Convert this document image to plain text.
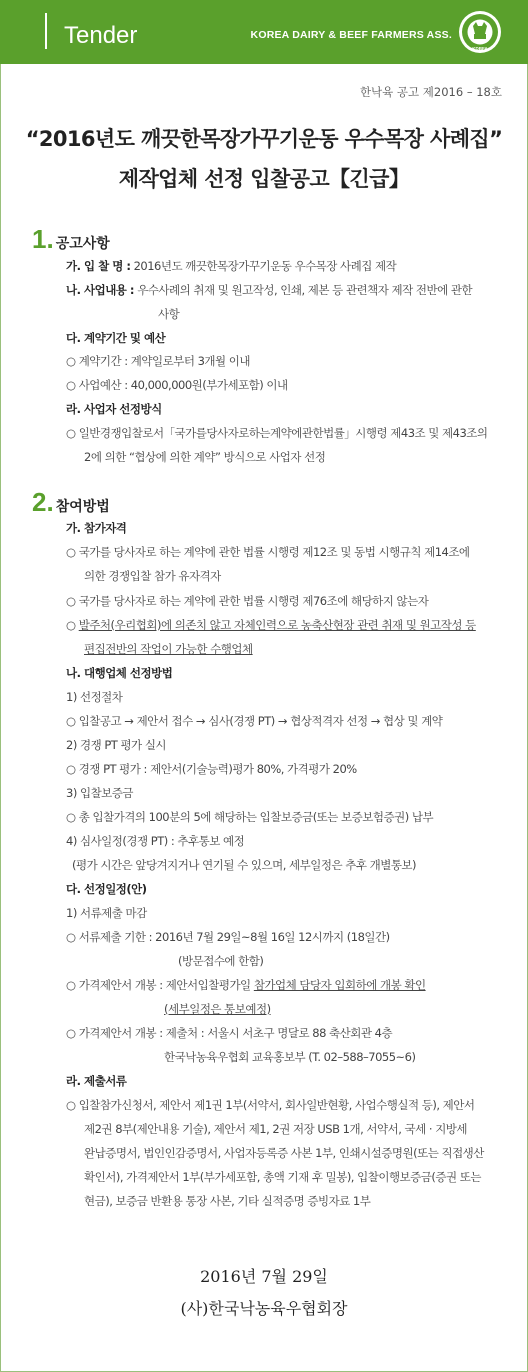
Tender	KOREA DAIRY & BEEF FARMERS ASS.
KDBFA
한낙육 공고 제2016 – 18호
“2016년도 깨끗한목장가꾸기운동 우수목장 사례집”
제작업체 선정 입찰공고【긴급】
1. 공고사항
가. 입 찰 명 : 2016년도 깨끗한목장가꾸기운동 우수목장 사례집 제작
나. 사업내용 : 우수사례의 취재 및 원고작성, 인쇄, 제본 등 관련책자 제작 전반에 관한
사항
다. 계약기간 및 예산
○ 계약기간 : 계약일로부터 3개월 이내
○ 사업예산 : 40,000,000원(부가세포함) 이내
라. 사업자 선정방식
○ 일반경쟁입찰로서「국가를당사자로하는계약에관한법률」시행령 제43조 및 제43조의
2에 의한 “협상에 의한 계약” 방식으로 사업자 선정
2. 참여방법
가. 참가자격
○ 국가를 당사자로 하는 계약에 관한 법률 시행령 제12조 및 동법 시행규칙 제14조에
의한 경쟁입찰 참가 유자격자
○ 국가를 당사자로 하는 계약에 관한 법률 시행령 제76조에 해당하지 않는자
○ 발주처(우리협회)에 의존치 않고 자체인력으로 농축산현장 관련 취재 및 원고작성 등
편집전반의 작업이 가능한 수행업체
나. 대행업체 선정방법
1) 선정절차
○ 입찰공고 → 제안서 접수 → 심사(경쟁 PT) → 협상적격자 선정 → 협상 및 계약
2) 경쟁 PT 평가 실시
○ 경쟁 PT 평가 : 제안서(기술능력)평가 80%, 가격평가 20%
3) 입찰보증금
○ 총 입찰가격의 100분의 5에 해당하는 입찰보증금(또는 보증보험증권) 납부
4) 심사일정(경쟁 PT) : 추후통보 예정
(평가 시간은 앞당겨지거나 연기될 수 있으며, 세부일정은 추후 개별통보)
다. 선정일정(안)
1) 서류제출 마감
○ 서류제출 기한 : 2016년 7월 29일~8월 16일 12시까지 (18일간)
(방문접수에 한함)
○ 가격제안서 개봉 : 제안서입찰평가일 참가업체 담당자 입회하에 개봉 확인
(세부일정은 통보예정)
○ 가격제안서 개봉 : 제출처 : 서울시 서초구 명달로 88 축산회관 4층
한국낙농육우협회 교육홍보부 (T. 02–588–7055~6)
라. 제출서류
○ 입찰참가신청서, 제안서 제1권 1부(서약서, 회사일반현황, 사업수행실적 등), 제안서
제2권 8부(제안내용 기술), 제안서 제1, 2권 저장 USB 1개, 서약서, 국세 · 지방세
완납증명서, 법인인감증명서, 사업자등록증 사본 1부, 인쇄시설증명원(또는 직접생산
확인서), 가격제안서 1부(부가세포함, 총액 기재 후 밀봉), 입찰이행보증금(증권 또는
현금), 보증금 반환용 통장 사본, 기타 실적증명 증빙자료 1부
2016년 7월 29일
(사)한국낙농육우협회장
